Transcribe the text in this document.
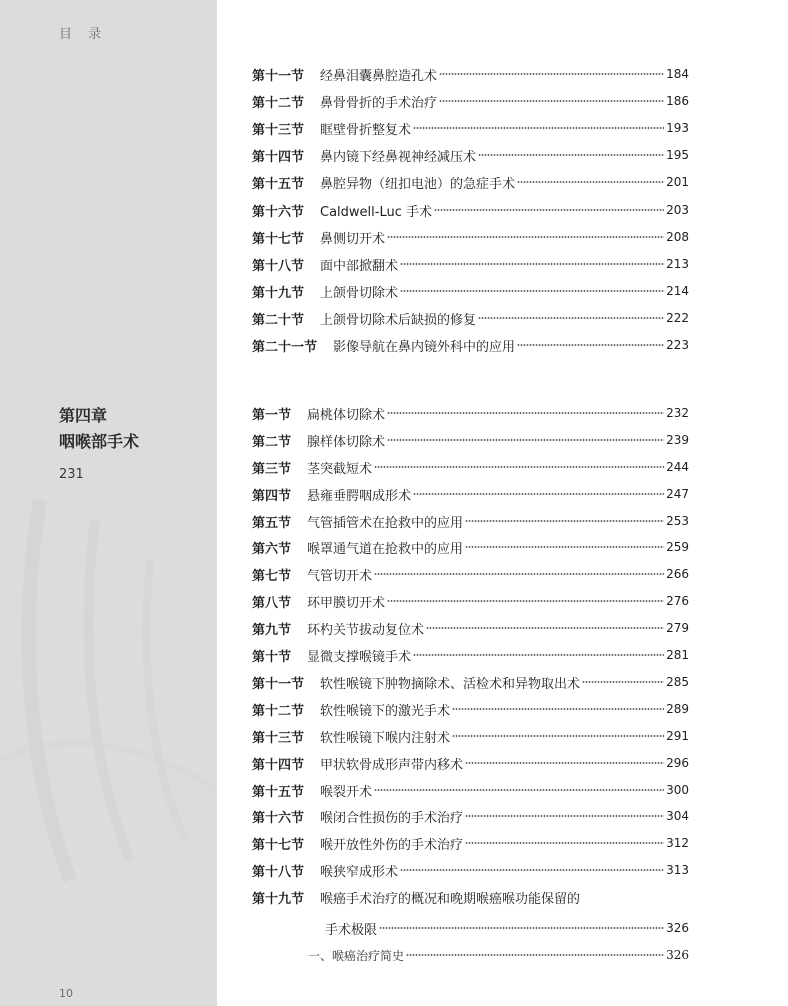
目 录
第四章
咽喉部手术
231
10
第十一节 经鼻泪囊鼻腔造孔术	184
第十二节 鼻骨骨折的手术治疗	186
第十三节 眶壁骨折整复术	193
第十四节 鼻内镜下经鼻视神经减压术	195
第十五节 鼻腔异物（纽扣电池）的急症手术	201
第十六节 Caldwell-Luc 手术	203
第十七节 鼻侧切开术	208
第十八节 面中部掀翻术	213
第十九节 上颌骨切除术	214
第二十节 上颌骨切除术后缺损的修复	222
第二十一节 影像导航在鼻内镜外科中的应用	223
第一节 扁桃体切除术	232
第二节 腺样体切除术	239
第三节 茎突截短术	244
第四节 悬雍垂腭咽成形术	247
第五节 气管插管术在抢救中的应用	253
第六节 喉罩通气道在抢救中的应用	259
第七节 气管切开术	266
第八节 环甲膜切开术	276
第九节 环杓关节拔动复位术	279
第十节 显微支撑喉镜手术	281
第十一节 软性喉镜下肿物摘除术、活检术和异物取出术	285
第十二节 软性喉镜下的激光手术	289
第十三节 软性喉镜下喉内注射术	291
第十四节 甲状软骨成形声带内移术	296
第十五节 喉裂开术	300
第十六节 喉闭合性损伤的手术治疗	304
第十七节 喉开放性外伤的手术治疗	312
第十八节 喉狭窄成形术	313
第十九节 喉癌手术治疗的概况和晚期喉癌喉功能保留的
手术极限	326
一、喉癌治疗简史	326
